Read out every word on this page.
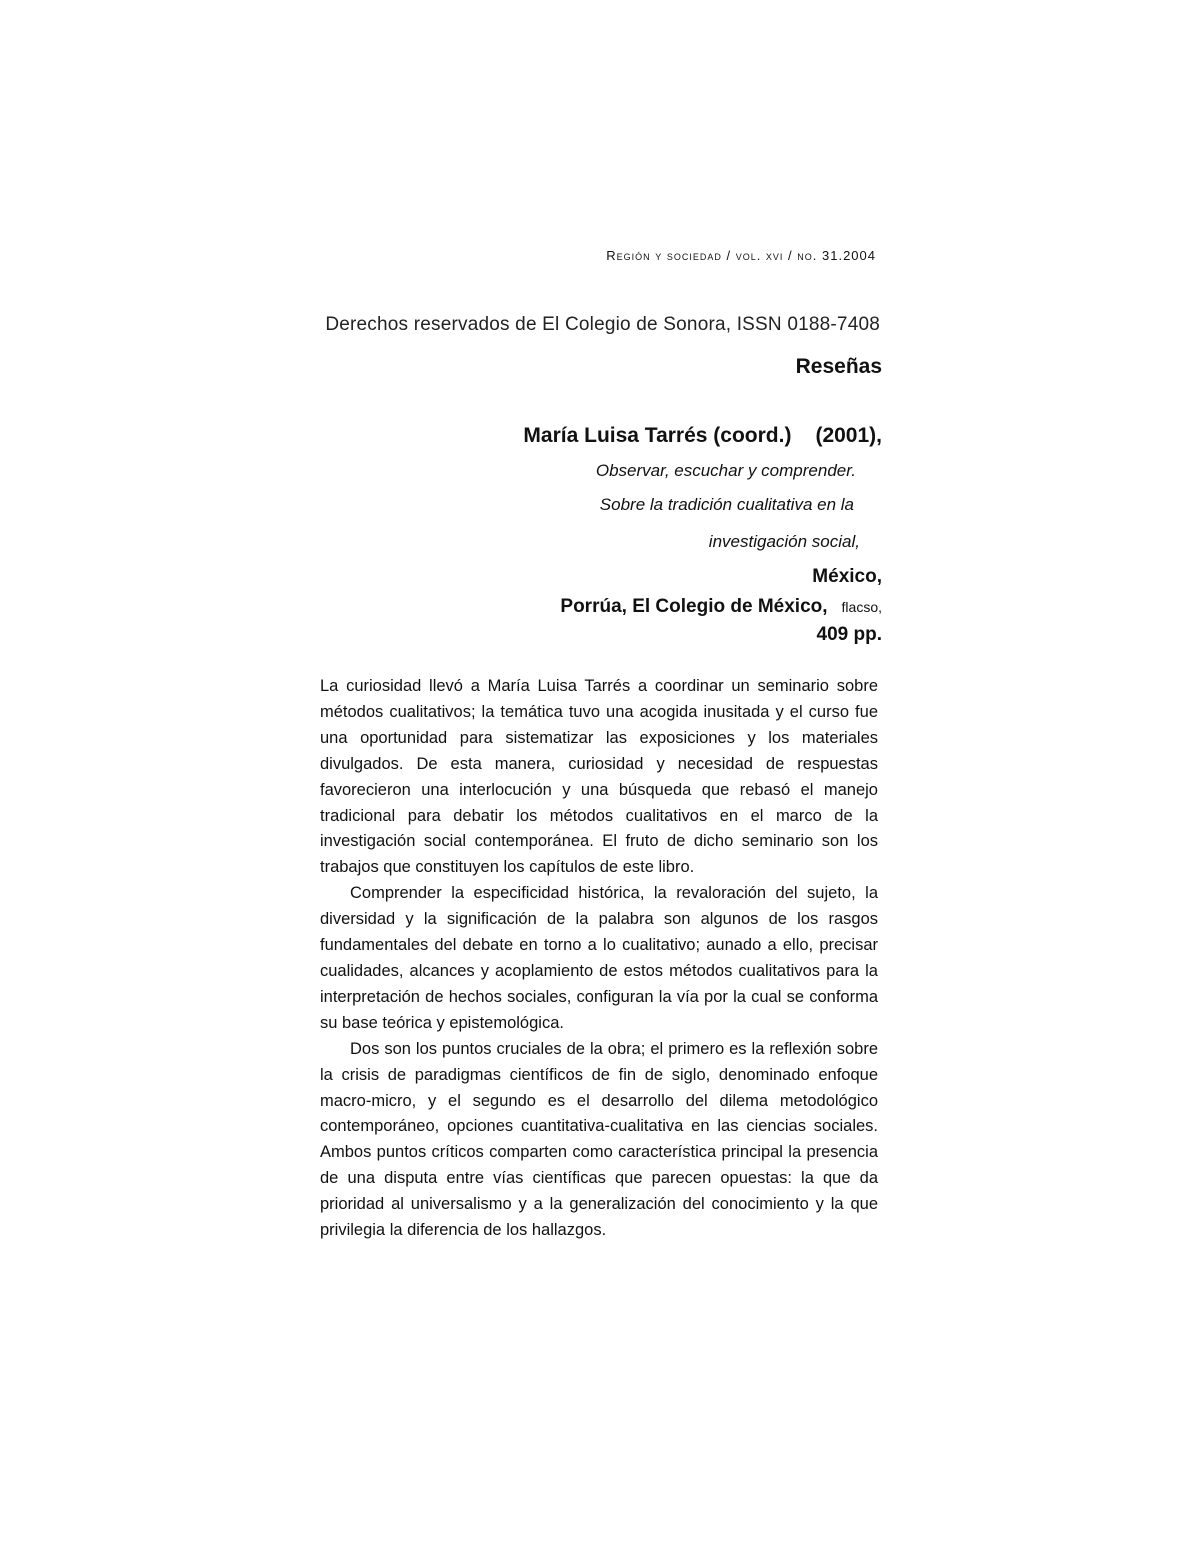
Región y sociedad / vol. xvi / no. 31.2004
Derechos reservados de El Colegio de Sonora, ISSN 0188-7408
Reseñas
María Luisa Tarrés (coord.) (2001),
Observar, escuchar y comprender.
Sobre la tradición cualitativa en la
investigación social,
México,
Porrúa, El Colegio de México, flacso,
409 pp.

La curiosidad llevó a María Luisa Tarrés a coordinar un seminario sobre métodos cualitativos; la temática tuvo una acogida inusitada y el curso fue una oportunidad para sistematizar las exposiciones y los materiales divulgados. De esta manera, curiosidad y necesidad de respuestas favorecieron una interlocución y una búsqueda que rebasó el manejo tradicional para debatir los métodos cualitativos en el marco de la investigación social contemporánea. El fruto de dicho seminario son los trabajos que constituyen los capítulos de este libro.

Comprender la especificidad histórica, la revaloración del sujeto, la diversidad y la significación de la palabra son algunos de los rasgos fundamentales del debate en torno a lo cualitativo; aunado a ello, precisar cualidades, alcances y acoplamiento de estos métodos cualitativos para la interpretación de hechos sociales, configuran la vía por la cual se conforma su base teórica y epistemológica.

Dos son los puntos cruciales de la obra; el primero es la reflexión sobre la crisis de paradigmas científicos de fin de siglo, denominado enfoque macro-micro, y el segundo es el desarrollo del dilema metodológico contemporáneo, opciones cuantitativa-cualitativa en las ciencias sociales. Ambos puntos críticos comparten como característica principal la presencia de una disputa entre vías científicas que parecen opuestas: la que da prioridad al universalismo y a la generalización del conocimiento y la que privilegia la diferencia de los hallazgos.
